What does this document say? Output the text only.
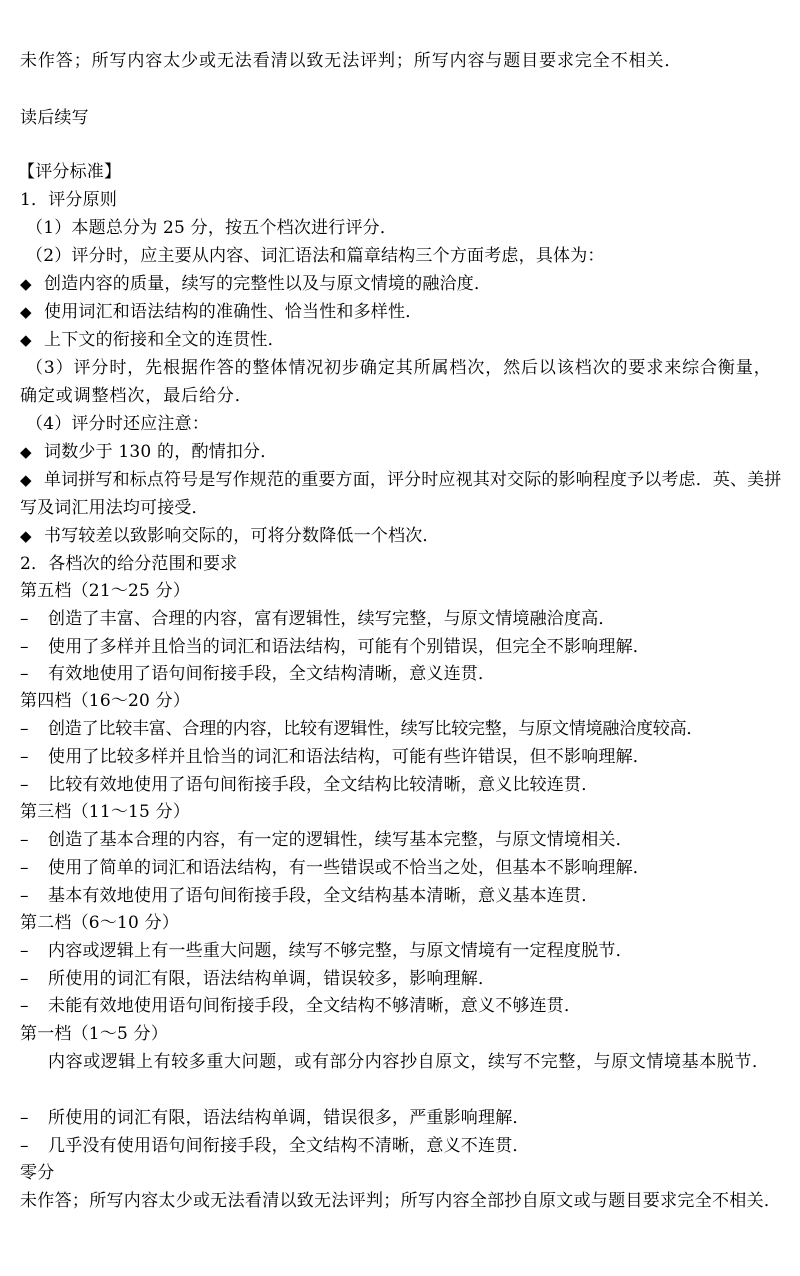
未作答；所写内容太少或无法看清以致无法评判；所写内容与题目要求完全不相关．
读后续写
【评分标准】
1．评分原则
（1）本题总分为 25 分，按五个档次进行评分．
（2）评分时，应主要从内容、词汇语法和篇章结构三个方面考虑，具体为：
◆ 创造内容的质量，续写的完整性以及与原文情境的融洽度．
◆ 使用词汇和语法结构的准确性、恰当性和多样性．
◆ 上下文的衔接和全文的连贯性．
（3）评分时，先根据作答的整体情况初步确定其所属档次，然后以该档次的要求来综合衡量，确定或调整档次，最后给分．
（4）评分时还应注意：
◆ 词数少于 130 的，酌情扣分．
◆ 单词拼写和标点符号是写作规范的重要方面，评分时应视其对交际的影响程度予以考虑．英、美拼写及词汇用法均可接受．
◆ 书写较差以致影响交际的，可将分数降低一个档次．
2．各档次的给分范围和要求
第五档（21～25 分）
– 创造了丰富、合理的内容，富有逻辑性，续写完整，与原文情境融洽度高．
– 使用了多样并且恰当的词汇和语法结构，可能有个别错误，但完全不影响理解．
– 有效地使用了语句间衔接手段，全文结构清晰，意义连贯．
第四档（16～20 分）
– 创造了比较丰富、合理的内容，比较有逻辑性，续写比较完整，与原文情境融洽度较高．
– 使用了比较多样并且恰当的词汇和语法结构，可能有些许错误，但不影响理解．
– 比较有效地使用了语句间衔接手段，全文结构比较清晰，意义比较连贯．
第三档（11～15 分）
– 创造了基本合理的内容，有一定的逻辑性，续写基本完整，与原文情境相关．
– 使用了简单的词汇和语法结构，有一些错误或不恰当之处，但基本不影响理解．
– 基本有效地使用了语句间衔接手段，全文结构基本清晰，意义基本连贯．
第二档（6～10 分）
– 内容或逻辑上有一些重大问题，续写不够完整，与原文情境有一定程度脱节．
– 所使用的词汇有限，语法结构单调，错误较多，影响理解．
– 未能有效地使用语句间衔接手段，全文结构不够清晰，意义不够连贯．
第一档（1～5 分）
内容或逻辑上有较多重大问题，或有部分内容抄自原文，续写不完整，与原文情境基本脱节．
– 所使用的词汇有限，语法结构单调，错误很多，严重影响理解．
– 几乎没有使用语句间衔接手段，全文结构不清晰，意义不连贯．
零分
未作答；所写内容太少或无法看清以致无法评判；所写内容全部抄自原文或与题目要求完全不相关．
